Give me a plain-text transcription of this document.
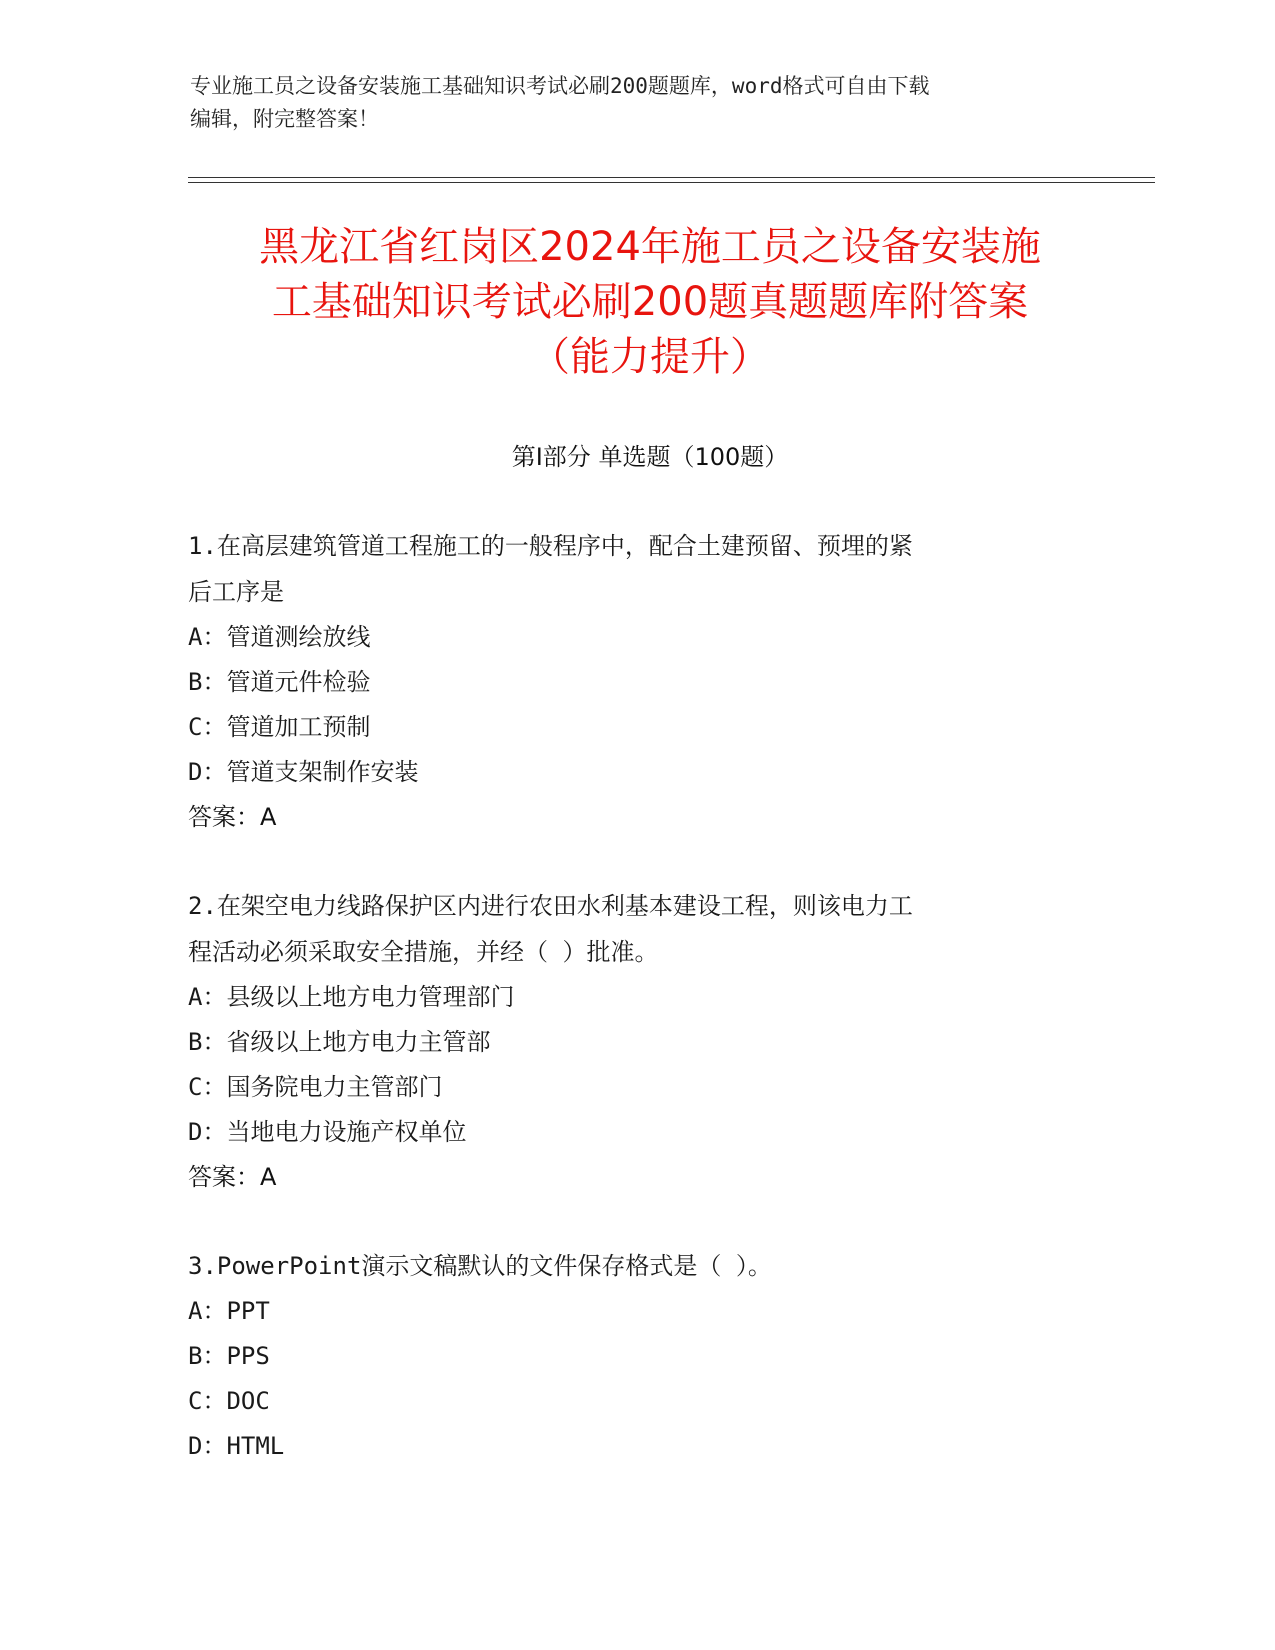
专业施工员之设备安装施工基础知识考试必刷200题题库，word格式可自由下载
编辑，附完整答案！
黑龙江省红岗区2024年施工员之设备安装施
工基础知识考试必刷200题真题题库附答案
（能力提升）
第I部分 单选题（100题）

1.在高层建筑管道工程施工的一般程序中，配合土建预留、预埋的紧

后工序是

A：管道测绘放线

B：管道元件检验

C：管道加工预制

D：管道支架制作安装

答案：A

2.在架空电力线路保护区内进行农田水利基本建设工程，则该电力工

程活动必须采取安全措施，并经（ ）批准。

A：县级以上地方电力管理部门

B：省级以上地方电力主管部

C：国务院电力主管部门

D：当地电力设施产权单位

答案：A

3.PowerPoint演示文稿默认的文件保存格式是（ ）。

A：PPT

B：PPS

C：DOC

D：HTML
